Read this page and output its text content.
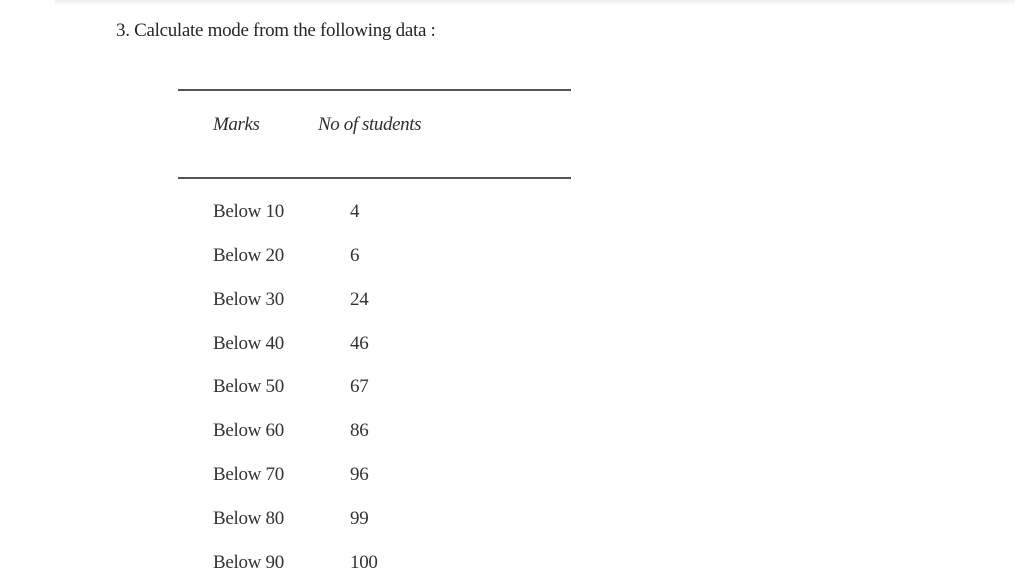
3. Calculate mode from the following data :
Marks	No of students
Below 10	4
Below 20	6
Below 30	24
Below 40	46
Below 50	67
Below 60	86
Below 70	96
Below 80	99
Below 90	100
